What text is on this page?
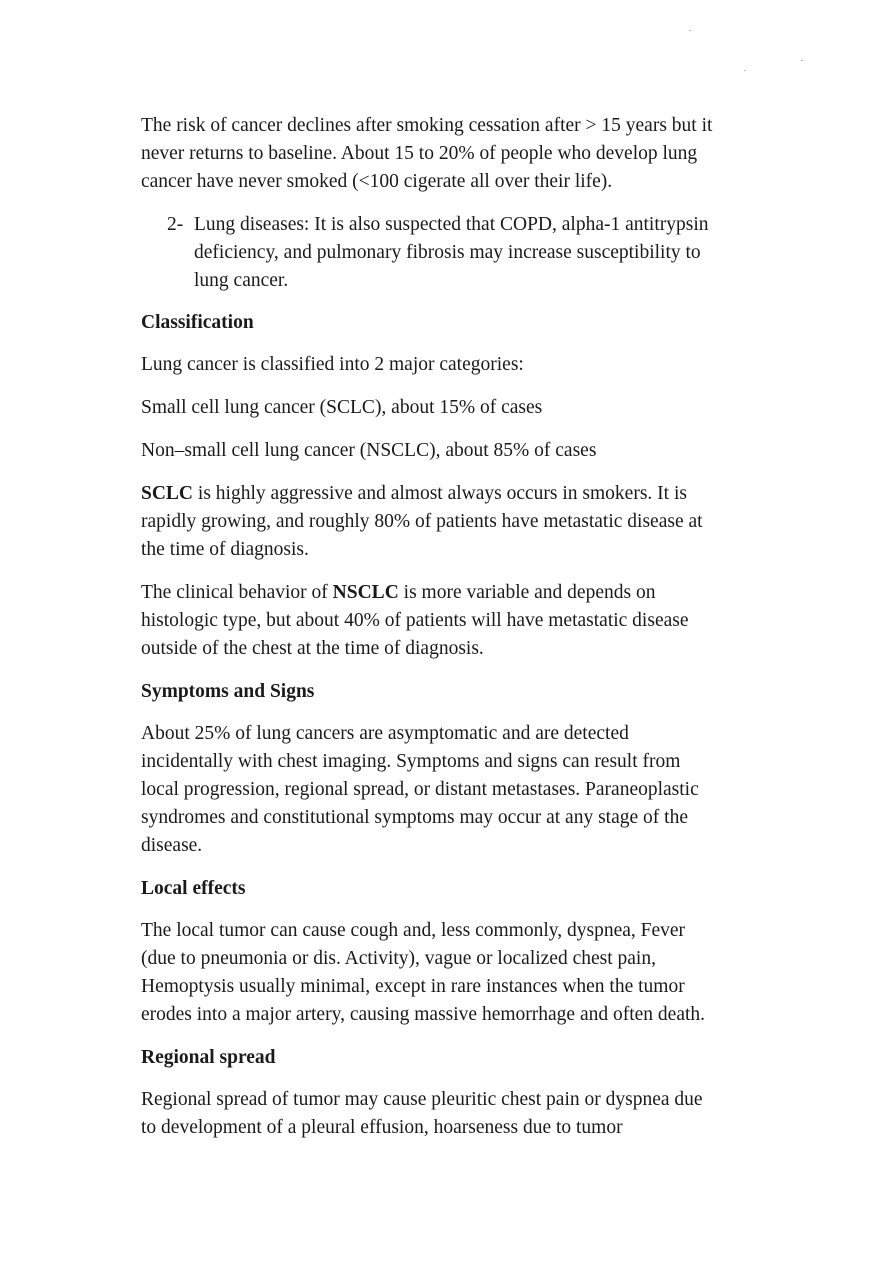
The risk of cancer declines after smoking cessation after > 15 years but it
never returns to baseline. About 15 to 20% of people who develop lung
cancer have never smoked (<100 cigerate all over their life).

2- Lung diseases: It is also suspected that COPD, alpha-1 antitrypsin
deficiency, and pulmonary fibrosis may increase susceptibility to
lung cancer.

Classification

Lung cancer is classified into 2 major categories:

Small cell lung cancer (SCLC), about 15% of cases

Non–small cell lung cancer (NSCLC), about 85% of cases

SCLC is highly aggressive and almost always occurs in smokers. It is
rapidly growing, and roughly 80% of patients have metastatic disease at
the time of diagnosis.

The clinical behavior of NSCLC is more variable and depends on
histologic type, but about 40% of patients will have metastatic disease
outside of the chest at the time of diagnosis.

Symptoms and Signs

About 25% of lung cancers are asymptomatic and are detected
incidentally with chest imaging. Symptoms and signs can result from
local progression, regional spread, or distant metastases. Paraneoplastic
syndromes and constitutional symptoms may occur at any stage of the
disease.

Local effects

The local tumor can cause cough and, less commonly, dyspnea, Fever
(due to pneumonia or dis. Activity), vague or localized chest pain,
Hemoptysis usually minimal, except in rare instances when the tumor
erodes into a major artery, causing massive hemorrhage and often death.

Regional spread

Regional spread of tumor may cause pleuritic chest pain or dyspnea due
to development of a pleural effusion, hoarseness due to tumor
